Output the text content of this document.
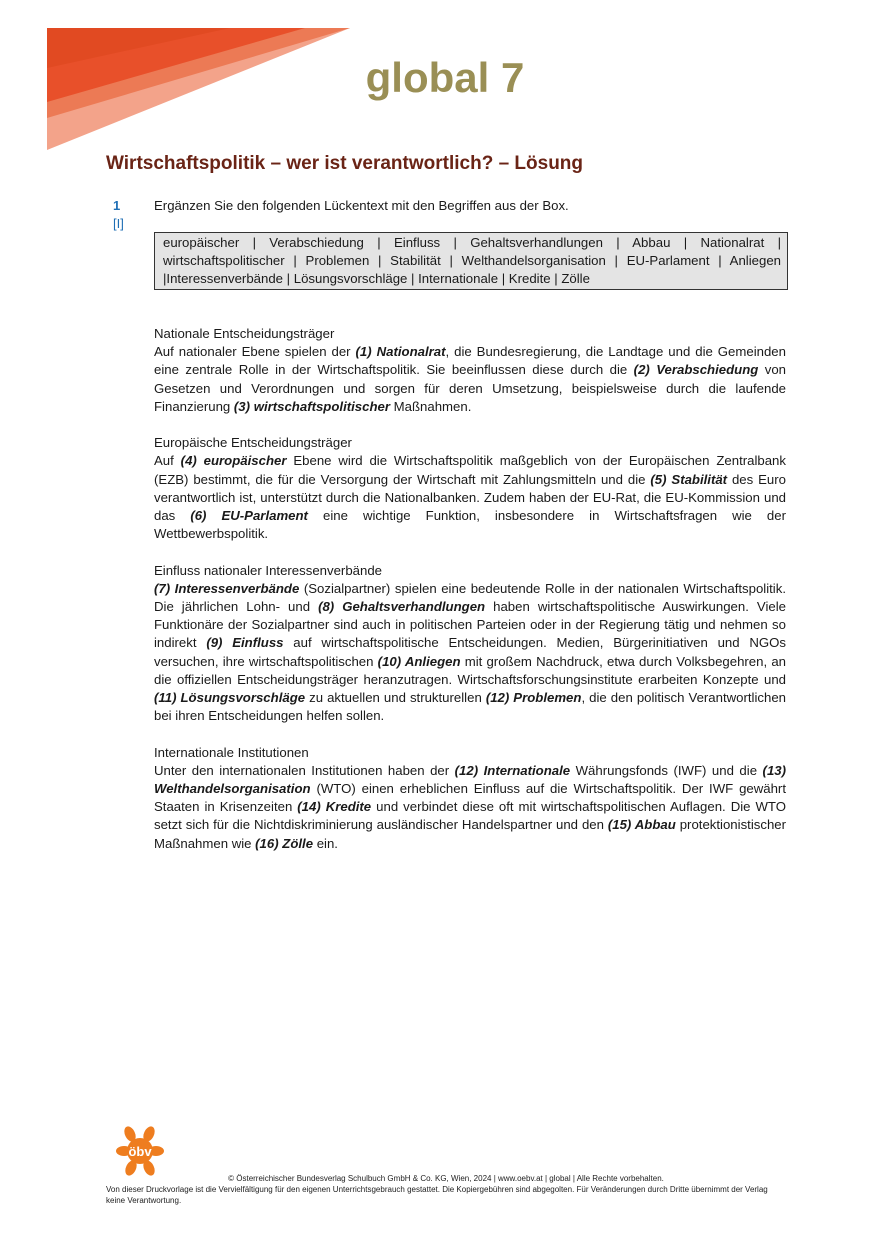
global 7
Wirtschaftspolitik – wer ist verantwortlich? – Lösung
1
[I]
Ergänzen Sie den folgenden Lückentext mit den Begriffen aus der Box.
europäischer | Verabschiedung | Einfluss | Gehaltsverhandlungen | Abbau | Nationalrat | wirtschaftspolitischer | Problemen | Stabilität | Welthandelsorganisation | EU-Parlament | Anliegen |Interessenverbände | Lösungsvorschläge | Internationale | Kredite | Zölle
Nationale Entscheidungsträger

Auf nationaler Ebene spielen der (1) Nationalrat, die Bundesregierung, die Landtage und die Gemeinden eine zentrale Rolle in der Wirtschaftspolitik. Sie beeinflussen diese durch die (2) Verabschiedung von Gesetzen und Verordnungen und sorgen für deren Umsetzung, beispielsweise durch die laufende Finanzierung (3) wirtschaftspolitischer Maßnahmen.

Europäische Entscheidungsträger

Auf (4) europäischer Ebene wird die Wirtschaftspolitik maßgeblich von der Europäischen Zentralbank (EZB) bestimmt, die für die Versorgung der Wirtschaft mit Zahlungsmitteln und die (5) Stabilität des Euro verantwortlich ist, unterstützt durch die Nationalbanken. Zudem haben der EU-Rat, die EU-Kommission und das (6) EU-Parlament eine wichtige Funktion, insbesondere in Wirtschaftsfragen wie der Wettbewerbspolitik.

Einfluss nationaler Interessenverbände

(7) Interessenverbände (Sozialpartner) spielen eine bedeutende Rolle in der nationalen Wirtschaftspolitik. Die jährlichen Lohn- und (8) Gehaltsverhandlungen haben wirtschaftspolitische Auswirkungen. Viele Funktionäre der Sozialpartner sind auch in politischen Parteien oder in der Regierung tätig und nehmen so indirekt (9) Einfluss auf wirtschaftspolitische Entscheidungen. Medien, Bürgerinitiativen und NGOs versuchen, ihre wirtschaftspolitischen (10) Anliegen mit großem Nachdruck, etwa durch Volksbegehren, an die offiziellen Entscheidungsträger heranzutragen. Wirtschaftsforschungsinstitute erarbeiten Konzepte und (11) Lösungsvorschläge zu aktuellen und strukturellen (12) Problemen, die den politisch Verantwortlichen bei ihren Entscheidungen helfen sollen.

Internationale Institutionen

Unter den internationalen Institutionen haben der (12) Internationale Währungsfonds (IWF) und die (13) Welthandelsorganisation (WTO) einen erheblichen Einfluss auf die Wirtschaftspolitik. Der IWF gewährt Staaten in Krisenzeiten (14) Kredite und verbindet diese oft mit wirtschaftspolitischen Auflagen. Die WTO setzt sich für die Nichtdiskriminierung ausländischer Handelspartner und den (15) Abbau protektionistischer Maßnahmen wie (16) Zölle ein.

öbv
© Österreichischer Bundesverlag Schulbuch GmbH & Co. KG, Wien, 2024 | www.oebv.at | global | Alle Rechte vorbehalten.
Von dieser Druckvorlage ist die Vervielfältigung für den eigenen Unterrichtsgebrauch gestattet. Die Kopiergebühren sind abgegolten. Für Veränderungen durch Dritte übernimmt der Verlag keine Verantwortung.
